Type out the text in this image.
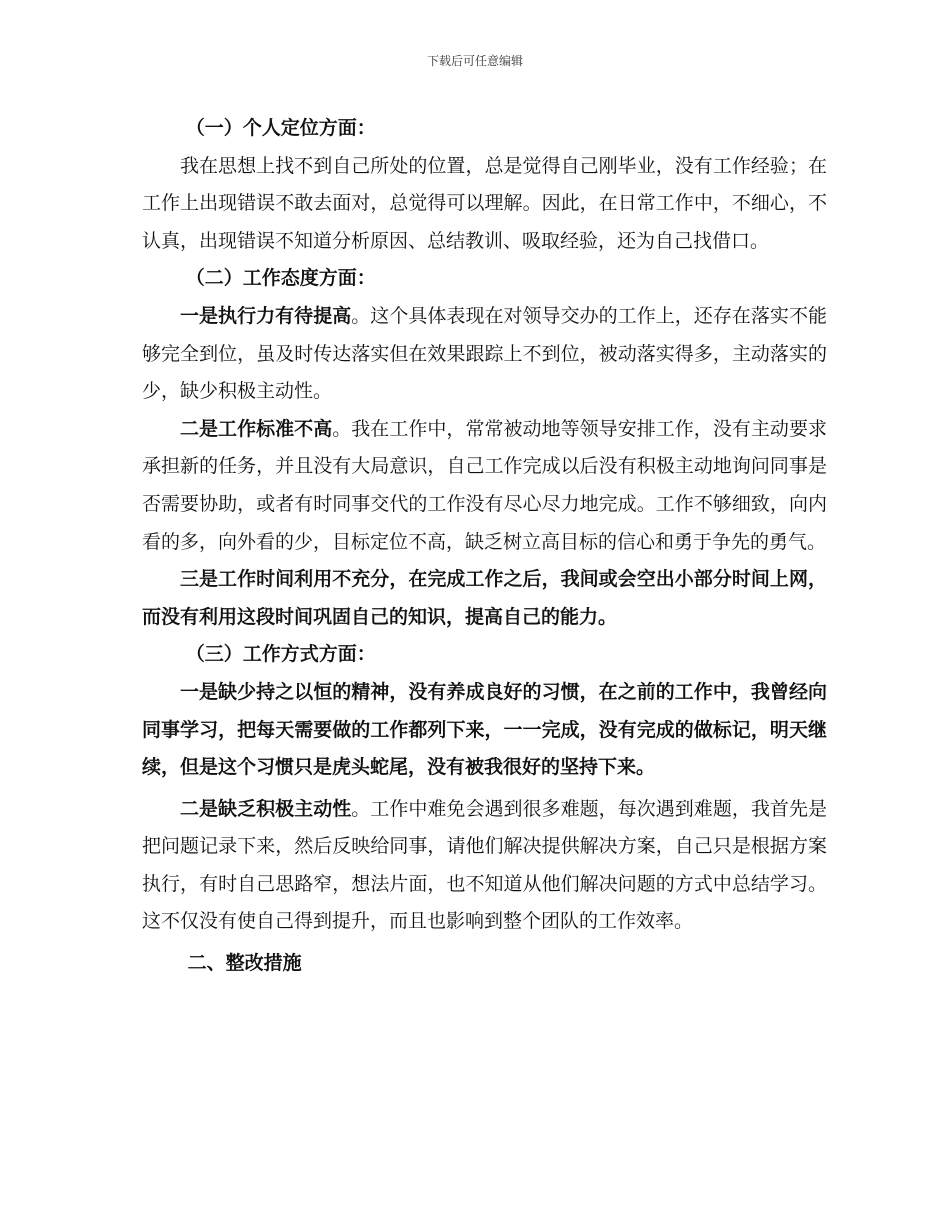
下载后可任意编辑

（一）个人定位方面：

我在思想上找不到自己所处的位置，总是觉得自己刚毕业，没有工作经验；在工作上出现错误不敢去面对，总觉得可以理解。因此，在日常工作中，不细心，不认真，出现错误不知道分析原因、总结教训、吸取经验，还为自己找借口。

（二）工作态度方面：

一是执行力有待提高。这个具体表现在对领导交办的工作上，还存在落实不能够完全到位，虽及时传达落实但在效果跟踪上不到位，被动落实得多，主动落实的少，缺少积极主动性。

二是工作标准不高。我在工作中，常常被动地等领导安排工作，没有主动要求承担新的任务，并且没有大局意识，自己工作完成以后没有积极主动地询问同事是否需要协助，或者有时同事交代的工作没有尽心尽力地完成。工作不够细致，向内看的多，向外看的少，目标定位不高，缺乏树立高目标的信心和勇于争先的勇气。

三是工作时间利用不充分，在完成工作之后，我间或会空出小部分时间上网，而没有利用这段时间巩固自己的知识，提高自己的能力。

（三）工作方式方面：

一是缺少持之以恒的精神，没有养成良好的习惯，在之前的工作中，我曾经向同事学习，把每天需要做的工作都列下来，一一完成，没有完成的做标记，明天继续，但是这个习惯只是虎头蛇尾，没有被我很好的坚持下来。

二是缺乏积极主动性。工作中难免会遇到很多难题，每次遇到难题，我首先是把问题记录下来，然后反映给同事，请他们解决提供解决方案，自己只是根据方案执行，有时自己思路窄，想法片面，也不知道从他们解决问题的方式中总结学习。这不仅没有使自己得到提升，而且也影响到整个团队的工作效率。

二、整改措施
